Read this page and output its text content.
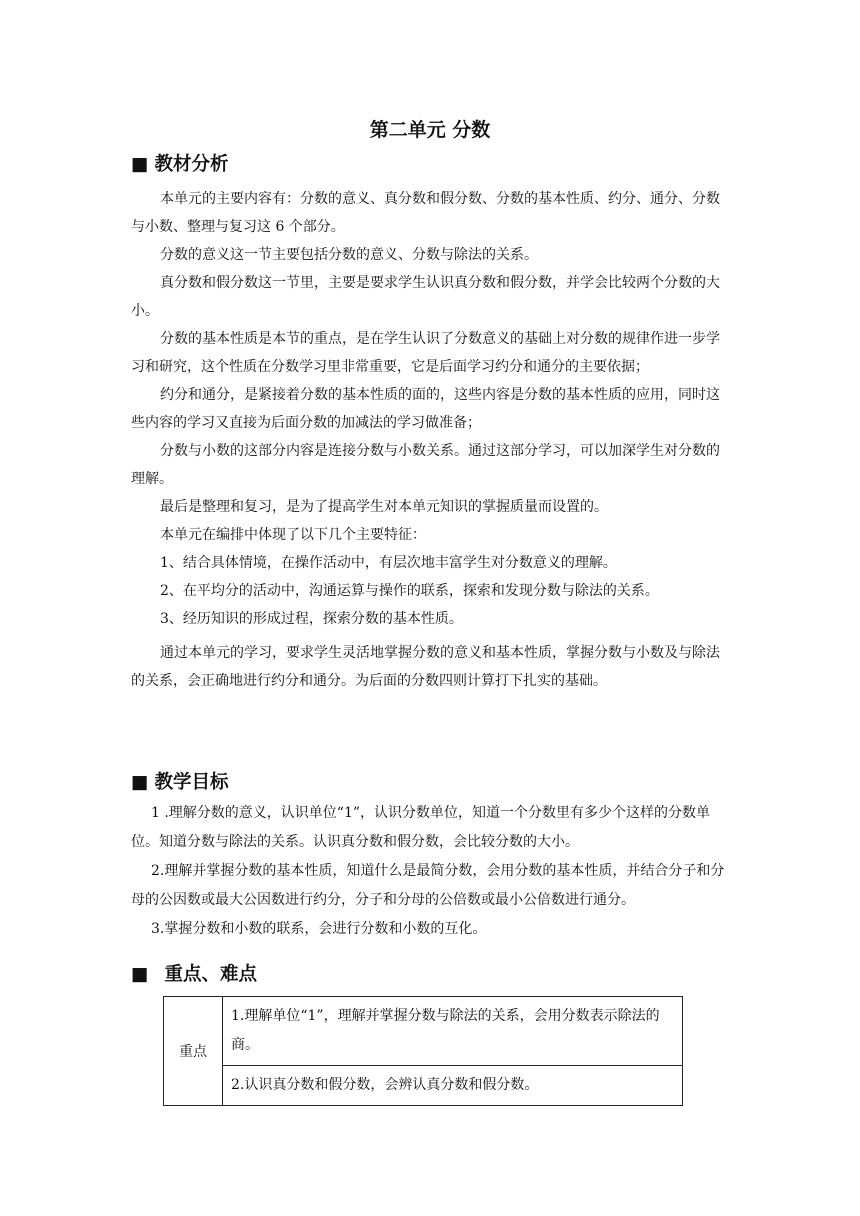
第二单元 分数
■ 教材分析

本单元的主要内容有：分数的意义、真分数和假分数、分数的基本性质、约分、通分、分数与小数、整理与复习这 6 个部分。

分数的意义这一节主要包括分数的意义、分数与除法的关系。

真分数和假分数这一节里，主要是要求学生认识真分数和假分数，并学会比较两个分数的大小。

分数的基本性质是本节的重点，是在学生认识了分数意义的基础上对分数的规律作进一步学习和研究，这个性质在分数学习里非常重要，它是后面学习约分和通分的主要依据；

约分和通分，是紧接着分数的基本性质的面的，这些内容是分数的基本性质的应用，同时这些内容的学习又直接为后面分数的加减法的学习做准备；

分数与小数的这部分内容是连接分数与小数关系。通过这部分学习，可以加深学生对分数的理解。

最后是整理和复习，是为了提高学生对本单元知识的掌握质量而设置的。

本单元在编排中体现了以下几个主要特征：

1、结合具体情境，在操作活动中，有层次地丰富学生对分数意义的理解。

2、在平均分的活动中，沟通运算与操作的联系，探索和发现分数与除法的关系。

3、经历知识的形成过程，探索分数的基本性质。

通过本单元的学习，要求学生灵活地掌握分数的意义和基本性质，掌握分数与小数及与除法的关系，会正确地进行约分和通分。为后面的分数四则计算打下扎实的基础。

■ 教学目标

1 .理解分数的意义，认识单位“1”，认识分数单位，知道一个分数里有多少个这样的分数单位。知道分数与除法的关系。认识真分数和假分数，会比较分数的大小。

2.理解并掌握分数的基本性质，知道什么是最简分数，会用分数的基本性质，并结合分子和分母的公因数或最大公因数进行约分，分子和分母的公倍数或最小公倍数进行通分。

3.掌握分数和小数的联系，会进行分数和小数的互化。

■ 重点、难点
重点	1.理解单位“1”，理解并掌握分数与除法的关系，会用分数表示除法的商。
2.认识真分数和假分数，会辨认真分数和假分数。
